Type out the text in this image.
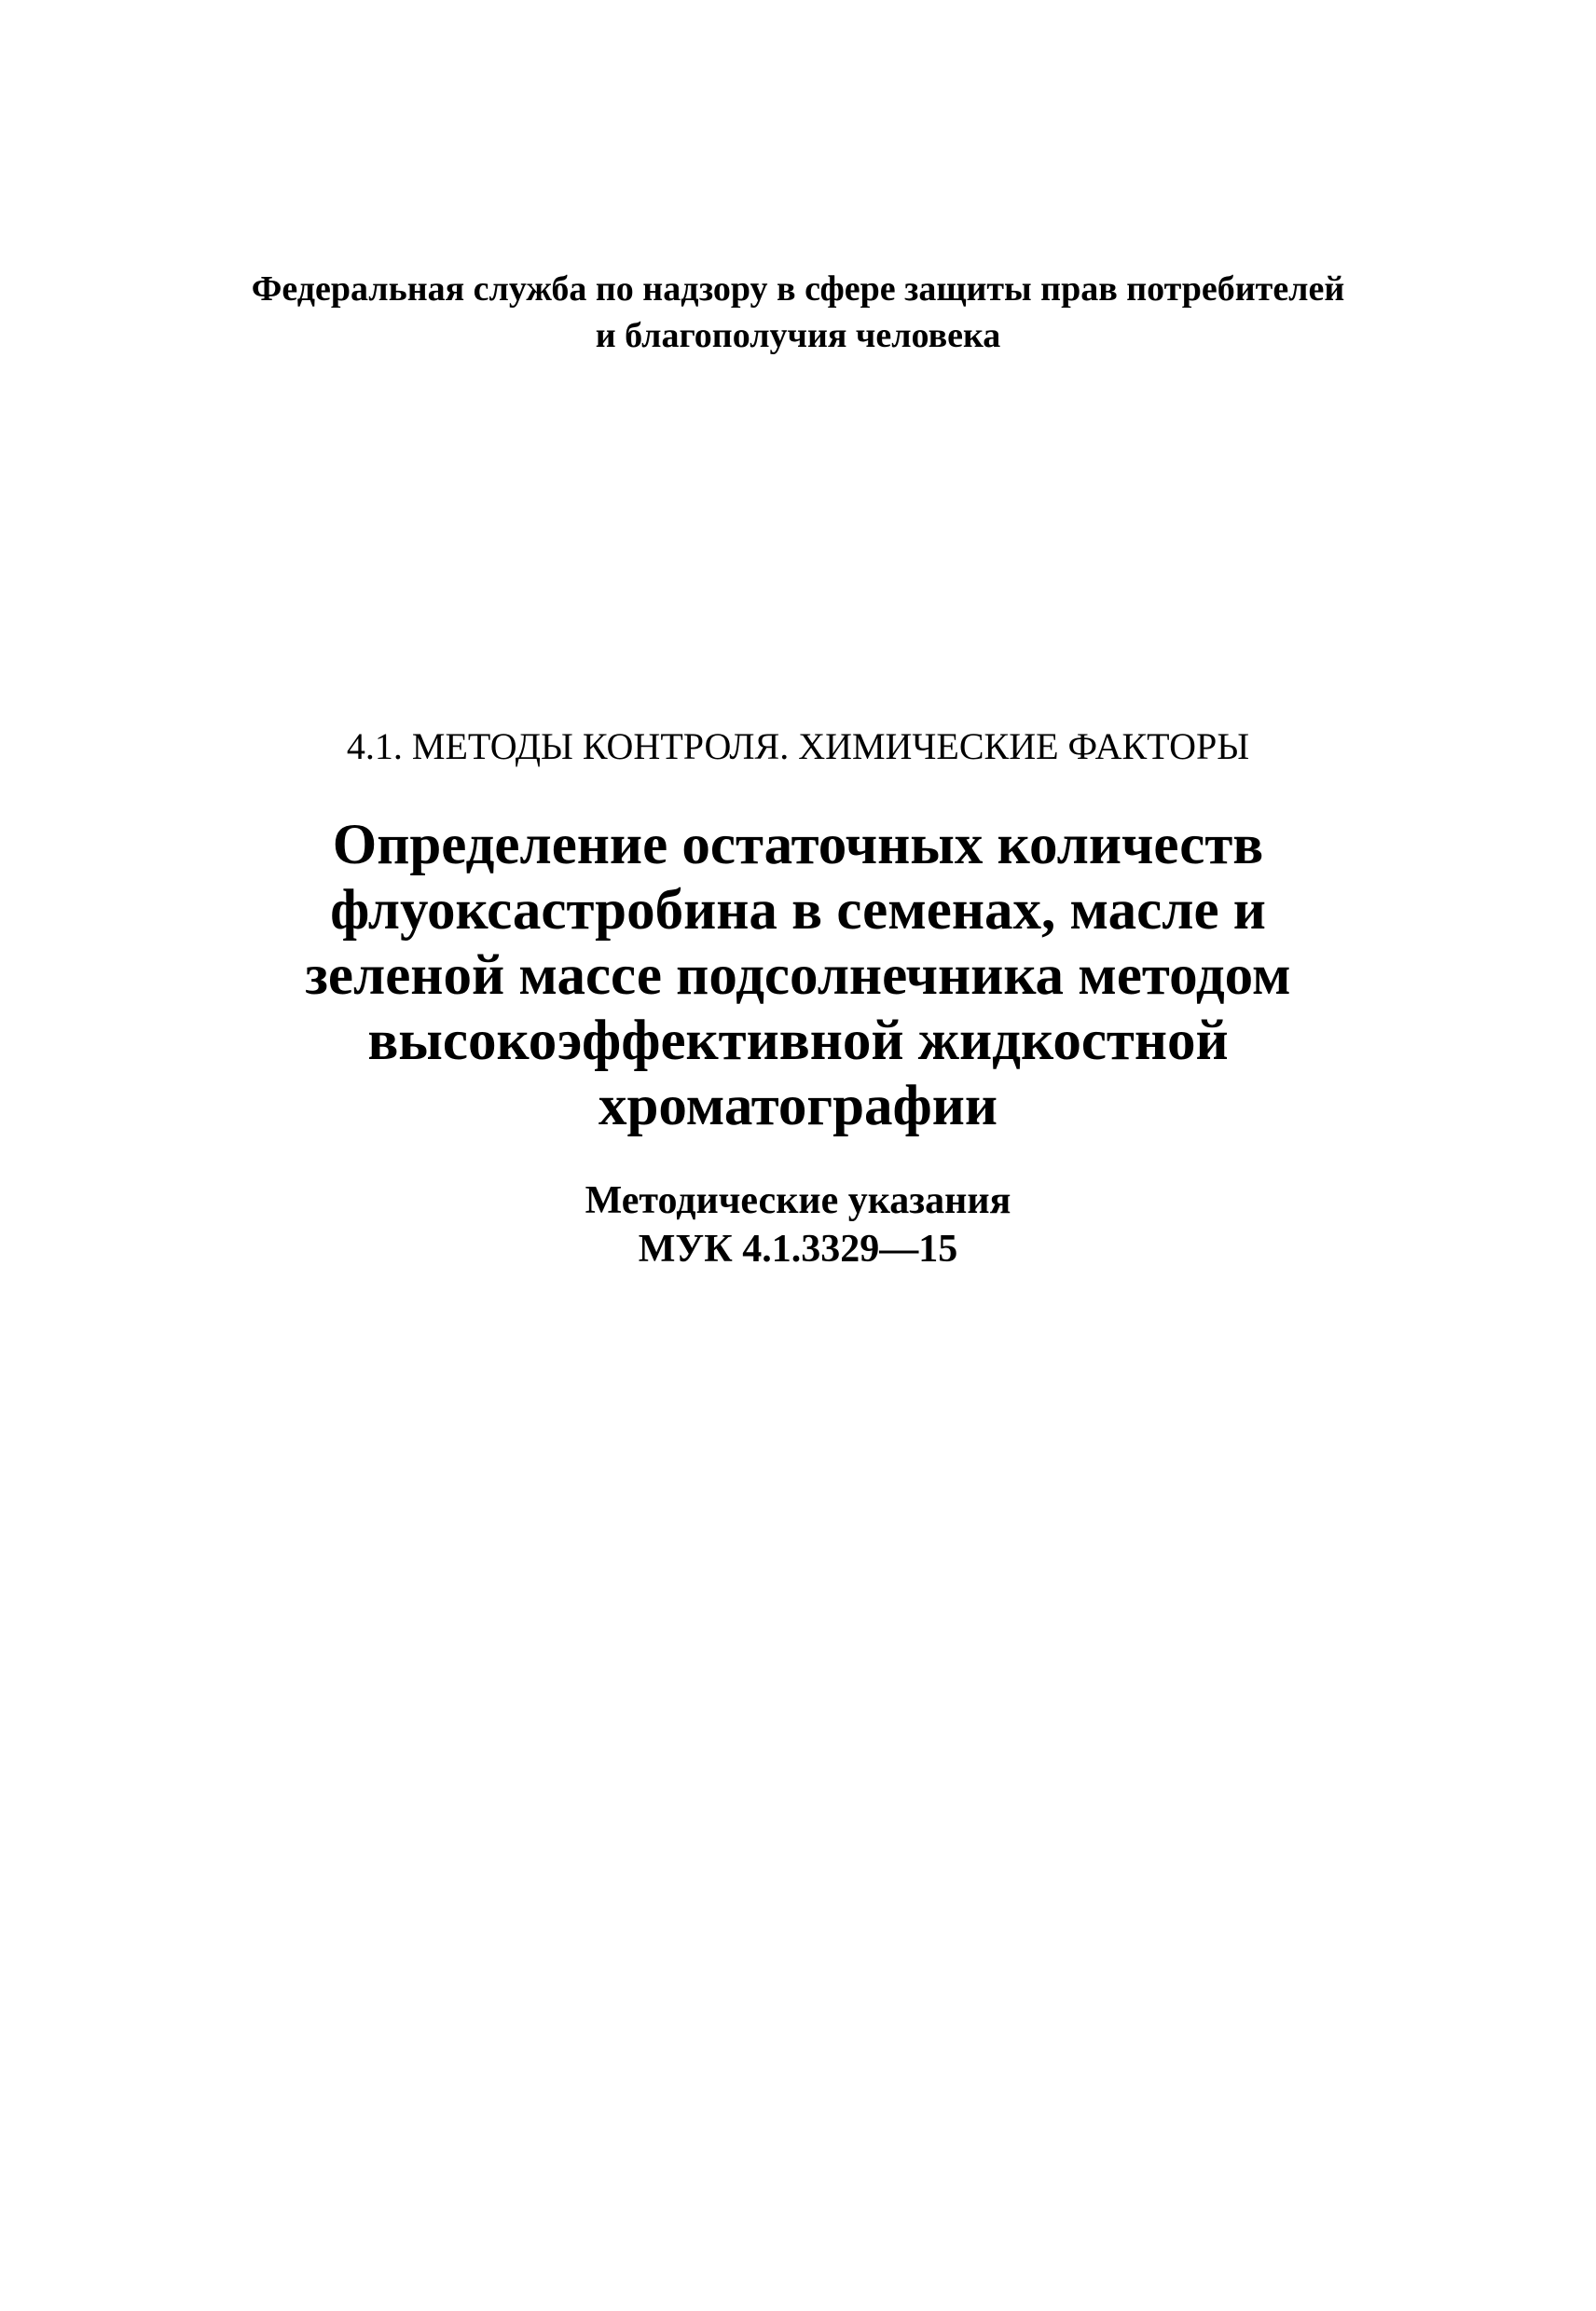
Федеральная служба по надзору в сфере защиты прав потребителей
и благополучия человека
4.1. МЕТОДЫ КОНТРОЛЯ. ХИМИЧЕСКИЕ ФАКТОРЫ
Определение остаточных количеств
флуоксастробина в семенах, масле и
зеленой массе подсолнечника методом
высокоэффективной жидкостной
хроматографии
Методические указания
МУК 4.1.3329—15
